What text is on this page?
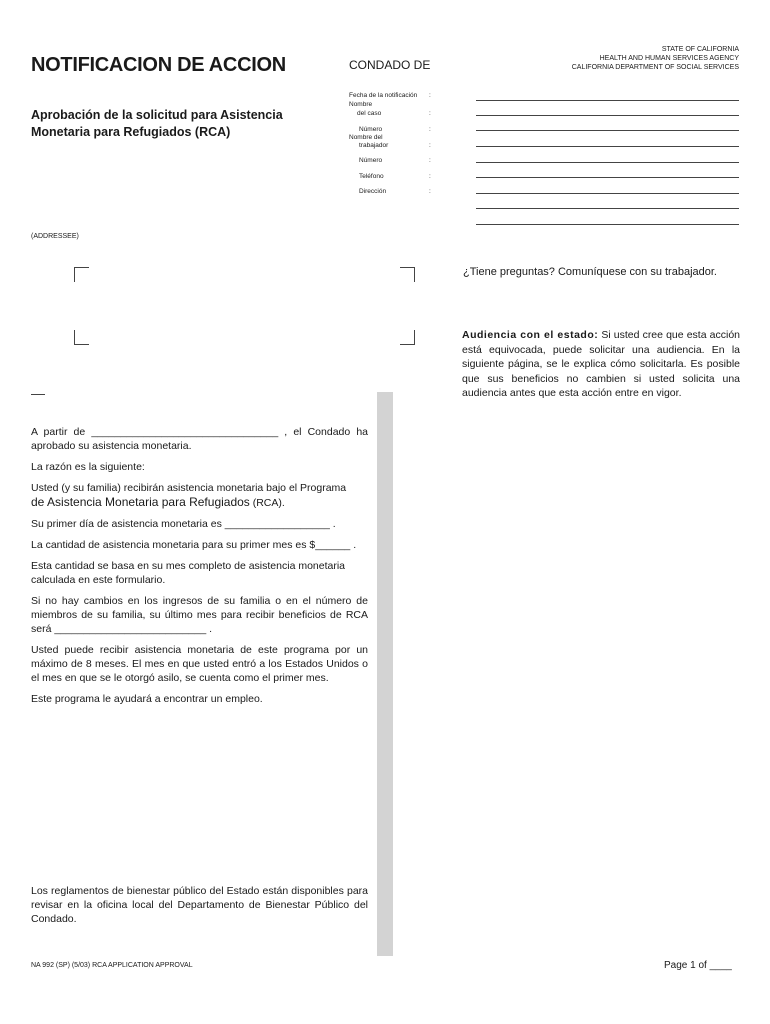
NOTIFICACION DE ACCION	CONDADO DE
STATE OF CALIFORNIA
HEALTH AND HUMAN SERVICES AGENCY
CALIFORNIA DEPARTMENT OF SOCIAL SERVICES
Aprobación de la solicitud para Asistencia
Monetaria para Refugiados (RCA)
Fecha de la notificación :
Nombre
del caso	:
Número	:
Nombre del
trabajador	:
Número	:
Teléfono	:
Dirección	:
(ADDRESSEE)
¿Tiene preguntas? Comuníquese con su trabajador.
Audiencia con el estado: Si usted cree que esta acción está equivocada, puede solicitar una audiencia. En la siguiente página, se le explica cómo solicitarla. Es posible que sus beneficios no cambien si usted solicita una audiencia antes que esta acción entre en vigor.

A partir de ________________________________ , el Condado ha aprobado su asistencia monetaria.

La razón es la siguiente:

Usted (y su familia) recibirán asistencia monetaria bajo el Programa
de Asistencia Monetaria para Refugiados (RCA).

Su primer día de asistencia monetaria es __________________ .

La cantidad de asistencia monetaria para su primer mes es $______ .

Esta cantidad se basa en su mes completo de asistencia monetaria calculada en este formulario.

Si no hay cambios en los ingresos de su familia o en el número de miembros de su familia, su último mes para recibir beneficios de RCA será __________________________ .

Usted puede recibir asistencia monetaria de este programa por un máximo de 8 meses. El mes en que usted entró a los Estados Unidos o el mes en que se le otorgó asilo, se cuenta como el primer mes.

Este programa le ayudará a encontrar un empleo.

Los reglamentos de bienestar público del Estado están disponibles para revisar en la oficina local del Departamento de Bienestar Público del Condado.
NA 992 (SP) (5/03) RCA APPLICATION APPROVAL	Page 1 of ____
